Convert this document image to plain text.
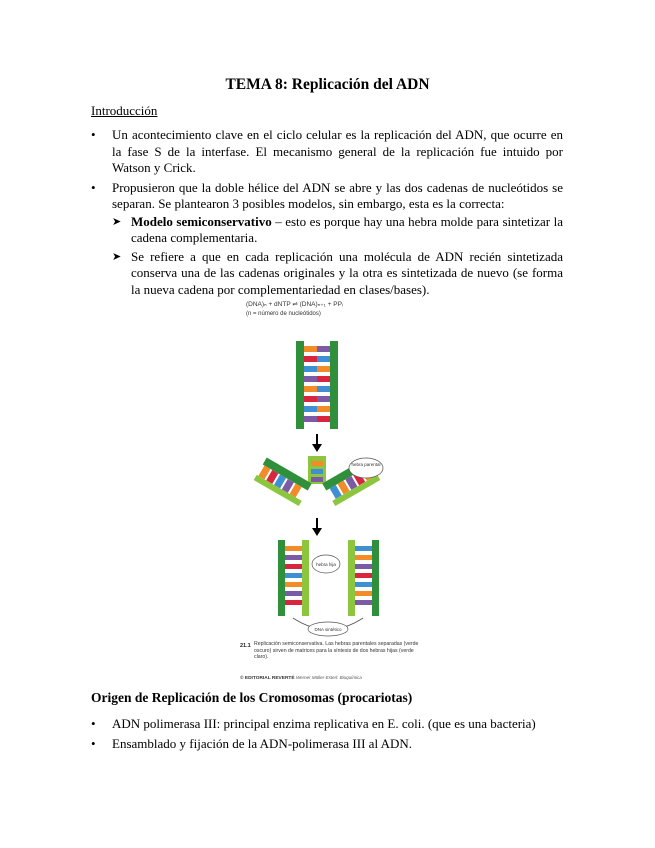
TEMA 8: Replicación del ADN
Introducción
• Un acontecimiento clave en el ciclo celular es la replicación del ADN, que ocurre en la fase S de la interfase. El mecanismo general de la replicación fue intuido por Watson y Crick.
• Propusieron que la doble hélice del ADN se abre y las dos cadenas de nucleótidos se separan. Se plantearon 3 posibles modelos, sin embargo, esta es la correcta:
➤ Modelo semiconservativo – esto es porque hay una hebra molde para sintetizar la cadena complementaria.
➤ Se refiere a que en cada replicación una molécula de ADN recién sintetizada conserva una de las cadenas originales y la otra es sintetizada de nuevo (se forma la nueva cadena por complementariedad en clases/bases).
(DNA)ₙ + dNTP ⇌ (DNA)ₙ₊₁ + PPᵢ
(n = número de nucleótidos)
hebra parental
hebra hija
DNA sintético
21.1 Replicación semiconservativa. Las hebras parentales separadas (verde oscuro) sirven de matrices para la síntesis de dos hebras hijas (verde claro).
© EDITORIAL REVERTÉ Werner Müller-Esterl: Bioquímica
Origen de Replicación de los Cromosomas (procariotas)
• ADN polimerasa III: principal enzima replicativa en E. coli. (que es una bacteria)
• Ensamblado y fijación de la ADN-polimerasa III al ADN.
